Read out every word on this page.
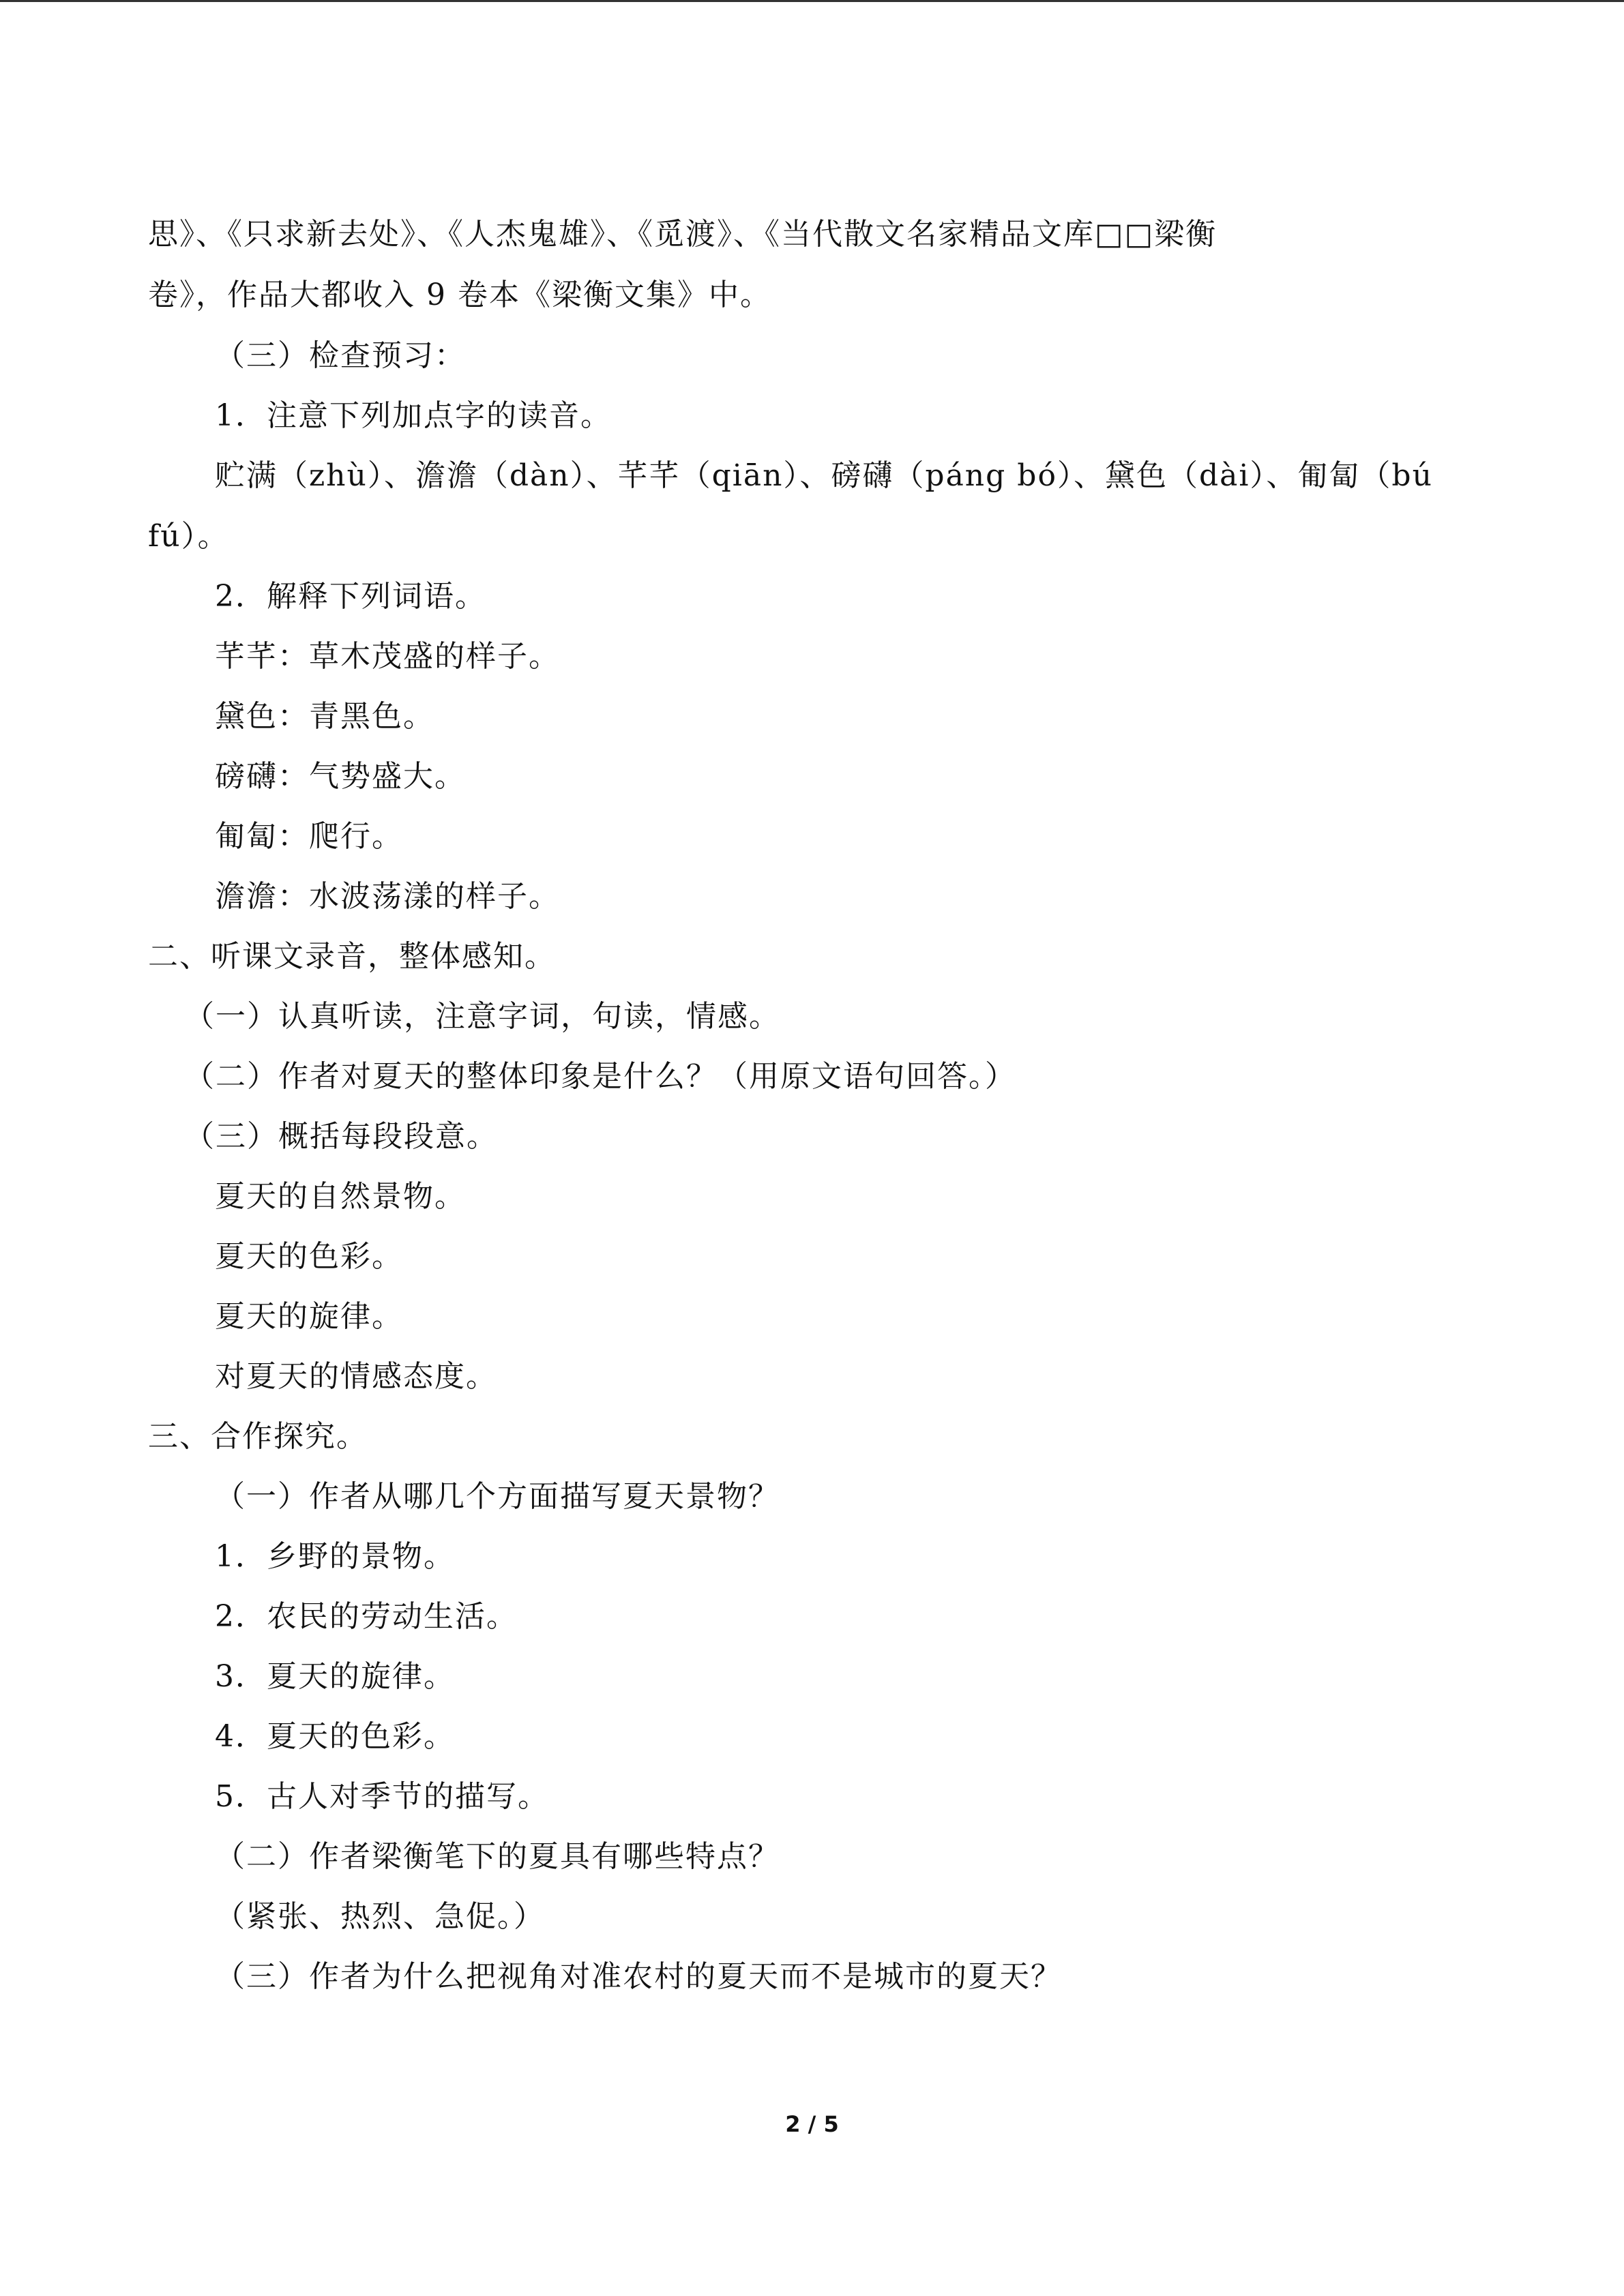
思》、《只求新去处》、《人杰鬼雄》、《觅渡》、《当代散文名家精品文库□□梁衡

卷》，作品大都收入 9 卷本《梁衡文集》中。

（三）检查预习：

1．注意下列加点字的读音。

贮满（zhù）、澹澹（dàn）、芊芊（qiān）、磅礴（páng bó）、黛色（dài）、匍匐（bú

fú）。

2．解释下列词语。

芊芊：草木茂盛的样子。

黛色：青黑色。

磅礴：气势盛大。

匍匐：爬行。

澹澹：水波荡漾的样子。

二、听课文录音，整体感知。

（一）认真听读，注意字词，句读，情感。

（二）作者对夏天的整体印象是什么？（用原文语句回答。）

（三）概括每段段意。

夏天的自然景物。

夏天的色彩。

夏天的旋律。

对夏天的情感态度。

三、合作探究。

（一）作者从哪几个方面描写夏天景物？

1．乡野的景物。

2．农民的劳动生活。

3．夏天的旋律。

4．夏天的色彩。

5．古人对季节的描写。

（二）作者梁衡笔下的夏具有哪些特点？

（紧张、热烈、急促。）

（三）作者为什么把视角对准农村的夏天而不是城市的夏天？

2 / 5
